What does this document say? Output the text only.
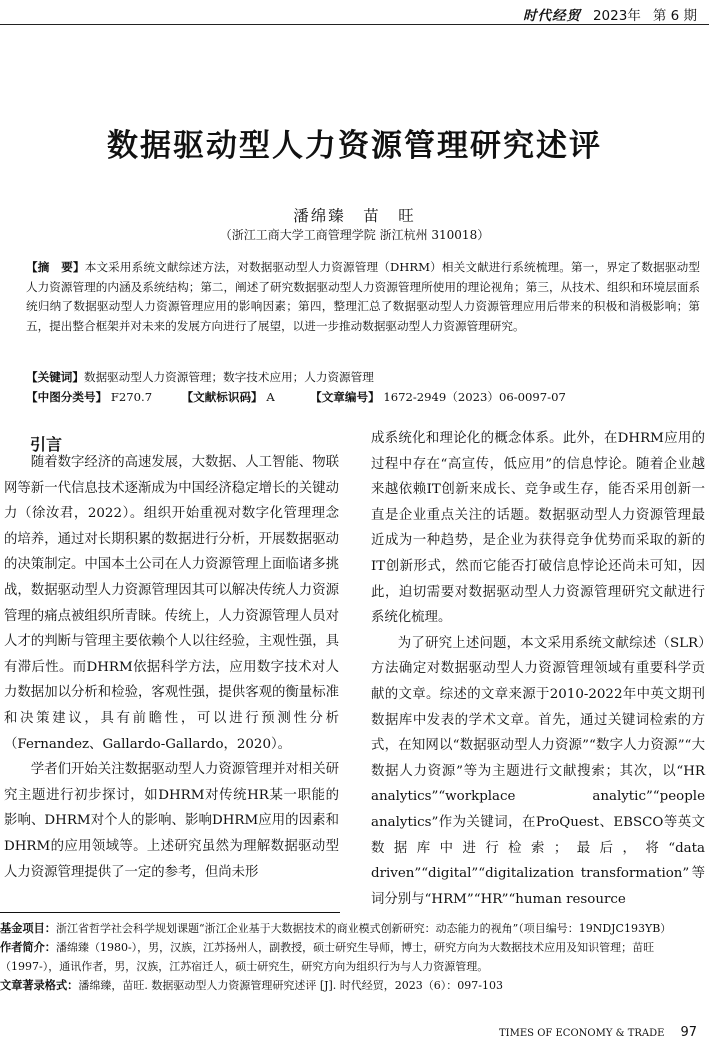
时代经贸 2023年 第 6 期
数据驱动型人力资源管理研究述评
潘绵臻　苗　旺
（浙江工商大学工商管理学院 浙江杭州 310018）
【摘　要】本文采用系统文献综述方法，对数据驱动型人力资源管理（DHRM）相关文献进行系统梳理。第一，界定了数据驱动型人力资源管理的内涵及系统结构；第二，阐述了研究数据驱动型人力资源管理所使用的理论视角；第三，从技术、组织和环境层面系统归纳了数据驱动型人力资源管理应用的影响因素；第四，整理汇总了数据驱动型人力资源管理应用后带来的积极和消极影响；第五，提出整合框架并对未来的发展方向进行了展望，以进一步推动数据驱动型人力资源管理研究。
【关键词】数据驱动型人力资源管理；数字技术应用；人力资源管理
【中图分类号】 F270.7	【文献标识码】 A	【文章编号】 1672-2949（2023）06-0097-07
引言

随着数字经济的高速发展，大数据、人工智能、物联网等新一代信息技术逐渐成为中国经济稳定增长的关键动力（徐汝君，2022）。组织开始重视对数字化管理理念的培养，通过对长期积累的数据进行分析，开展数据驱动的决策制定。中国本土公司在人力资源管理上面临诸多挑战，数据驱动型人力资源管理因其可以解决传统人力资源管理的痛点被组织所青睐。传统上，人力资源管理人员对人才的判断与管理主要依赖个人以往经验，主观性强，具有滞后性。而DHRM依据科学方法，应用数字技术对人力数据加以分析和检验，客观性强，提供客观的衡量标准和决策建议，具有前瞻性，可以进行预测性分析（Fernandez、Gallardo-Gallardo，2020）。

学者们开始关注数据驱动型人力资源管理并对相关研究主题进行初步探讨，如DHRM对传统HR某一职能的影响、DHRM对个人的影响、影响DHRM应用的因素和DHRM的应用领域等。上述研究虽然为理解数据驱动型人力资源管理提供了一定的参考，但尚未形

成系统化和理论化的概念体系。此外，在DHRM应用的过程中存在“高宣传，低应用”的信息悖论。随着企业越来越依赖IT创新来成长、竞争或生存，能否采用创新一直是企业重点关注的话题。数据驱动型人力资源管理最近成为一种趋势，是企业为获得竞争优势而采取的新的IT创新形式，然而它能否打破信息悖论还尚未可知，因此，迫切需要对数据驱动型人力资源管理研究文献进行系统化梳理。

为了研究上述问题，本文采用系统文献综述（SLR）方法确定对数据驱动型人力资源管理领域有重要科学贡献的文章。综述的文章来源于2010-2022年中英文期刊数据库中发表的学术文章。首先，通过关键词检索的方式，在知网以“数据驱动型人力资源”“数字人力资源”“大数据人力资源”等为主题进行文献搜索；其次，以“HR analytics”“workplace analytic”“people analytics”作为关键词，在ProQuest、EBSCO等英文数据库中进行检索；最后，将“data driven”“digital”“digitalization transformation”等词分别与“HRM”“HR”“human resource

基金项目：浙江省哲学社会科学规划课题“浙江企业基于大数据技术的商业模式创新研究：动态能力的视角”（项目编号：19NDJC193YB）
作者简介：潘绵臻（1980-），男，汉族，江苏扬州人，副教授，硕士研究生导师，博士，研究方向为大数据技术应用及知识管理；苗旺（1997-），通讯作者，男，汉族，江苏宿迁人，硕士研究生，研究方向为组织行为与人力资源管理。
文章著录格式：潘绵臻，苗旺. 数据驱动型人力资源管理研究述评 [J]. 时代经贸，2023（6）：097-103
TIMES OF ECONOMY & TRADE 97
